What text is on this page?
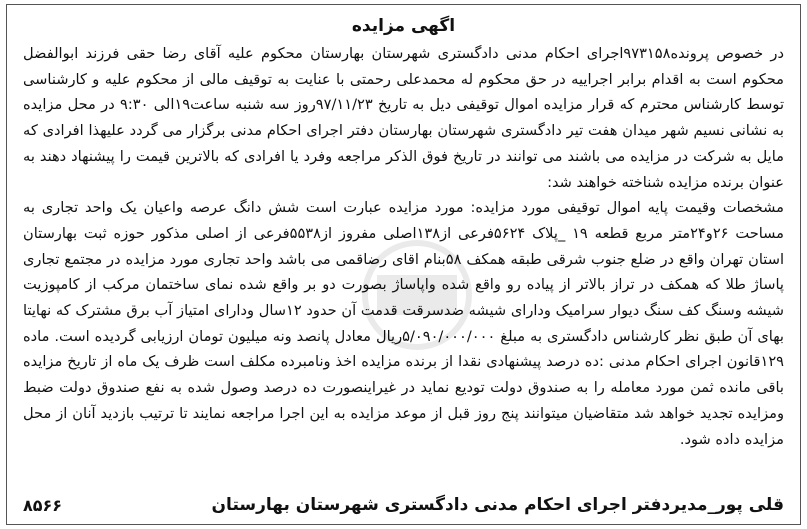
اگهی مزایده

در خصوص پرونده۹۷۳۱۵۸اجرای احکام مدنی دادگستری شهرستان بهارستان محکوم علیه آقای رضا حقی فرزند ابوالفضل محکوم است به اقدام برابر اجراییه در حق محکوم له محمدعلی رحمتی با عنایت به توقیف مالی از محکوم علیه و کارشناسی توسط کارشناس محترم که قرار مزایده اموال توقیفی دیل به تاریخ ۹۷/۱۱/۲۳روز سه شنبه ساعت۱۹الی ۹:۳۰ در محل مزایده به نشانی نسیم شهر میدان هفت تیر دادگستری شهرستان بهارستان دفتر اجرای احکام مدنی برگزار می گردد علیهذا افرادی که مایل به شرکت در مزایده می باشند می توانند در تاریخ فوق الذکر مراجعه وفرد یا افرادی که بالاترین قیمت را پیشنهاد دهند به عنوان برنده مزایده شناخته خواهند شد:

مشخصات وقیمت پایه اموال توقیفی مورد مزایده: مورد مزایده عبارت است شش دانگ عرصه واعیان یک واحد تجاری به مساحت ۲۶و۲۴متر مربع قطعه ۱۹ _پلاک ۵۶۲۴فرعی از۱۳۸اصلی مفروز از۵۵۳۸فرعی از اصلی مذکور حوزه ثبت بهارستان استان تهران واقع در ضلع جنوب شرقی طبقه همکف ۵۸بنام اقای رضاقمی می باشد واحد تجاری مورد مزایده در مجتمع تجاری پاساژ طلا که همکف در تراز بالاتر از پیاده رو واقع شده واپاساژ بصورت دو بر واقع شده نمای ساختمان مرکب از کامپوزیت شیشه وسنگ کف سنگ دیوار سرامیک ودارای شیشه ضدسرقت قدمت آن حدود ۱۲سال ودارای امتیاز آب برق مشترک که نهایتا بهای آن طبق نظر کارشناس دادگستری به مبلغ ۵/۰۹۰/۰۰۰/۰۰۰ریال معادل پانصد ونه میلیون تومان ارزیابی گردیده است. ماده ۱۲۹قانون اجرای احکام مدنی :ده درصد پیشنهادی نقدا از برنده مزایده اخذ ونامبرده مکلف است ظرف یک ماه از تاریخ مزایده باقی مانده ثمن مورد معامله را به صندوق دولت تودیع نماید در غیراینصورت ده درصد وصول شده به نفع صندوق دولت ضبط ومزایده تجدید خواهد شد متقاضیان میتوانند پنج روز قبل از موعد مزایده به این اجرا مراجعه نمایند تا ترتیب بازدید آنان از محل مزایده داده شود.

قلی پور_مدیردفتر اجرای احکام مدنی دادگستری شهرستان بهارستان
۸۵۶۶
